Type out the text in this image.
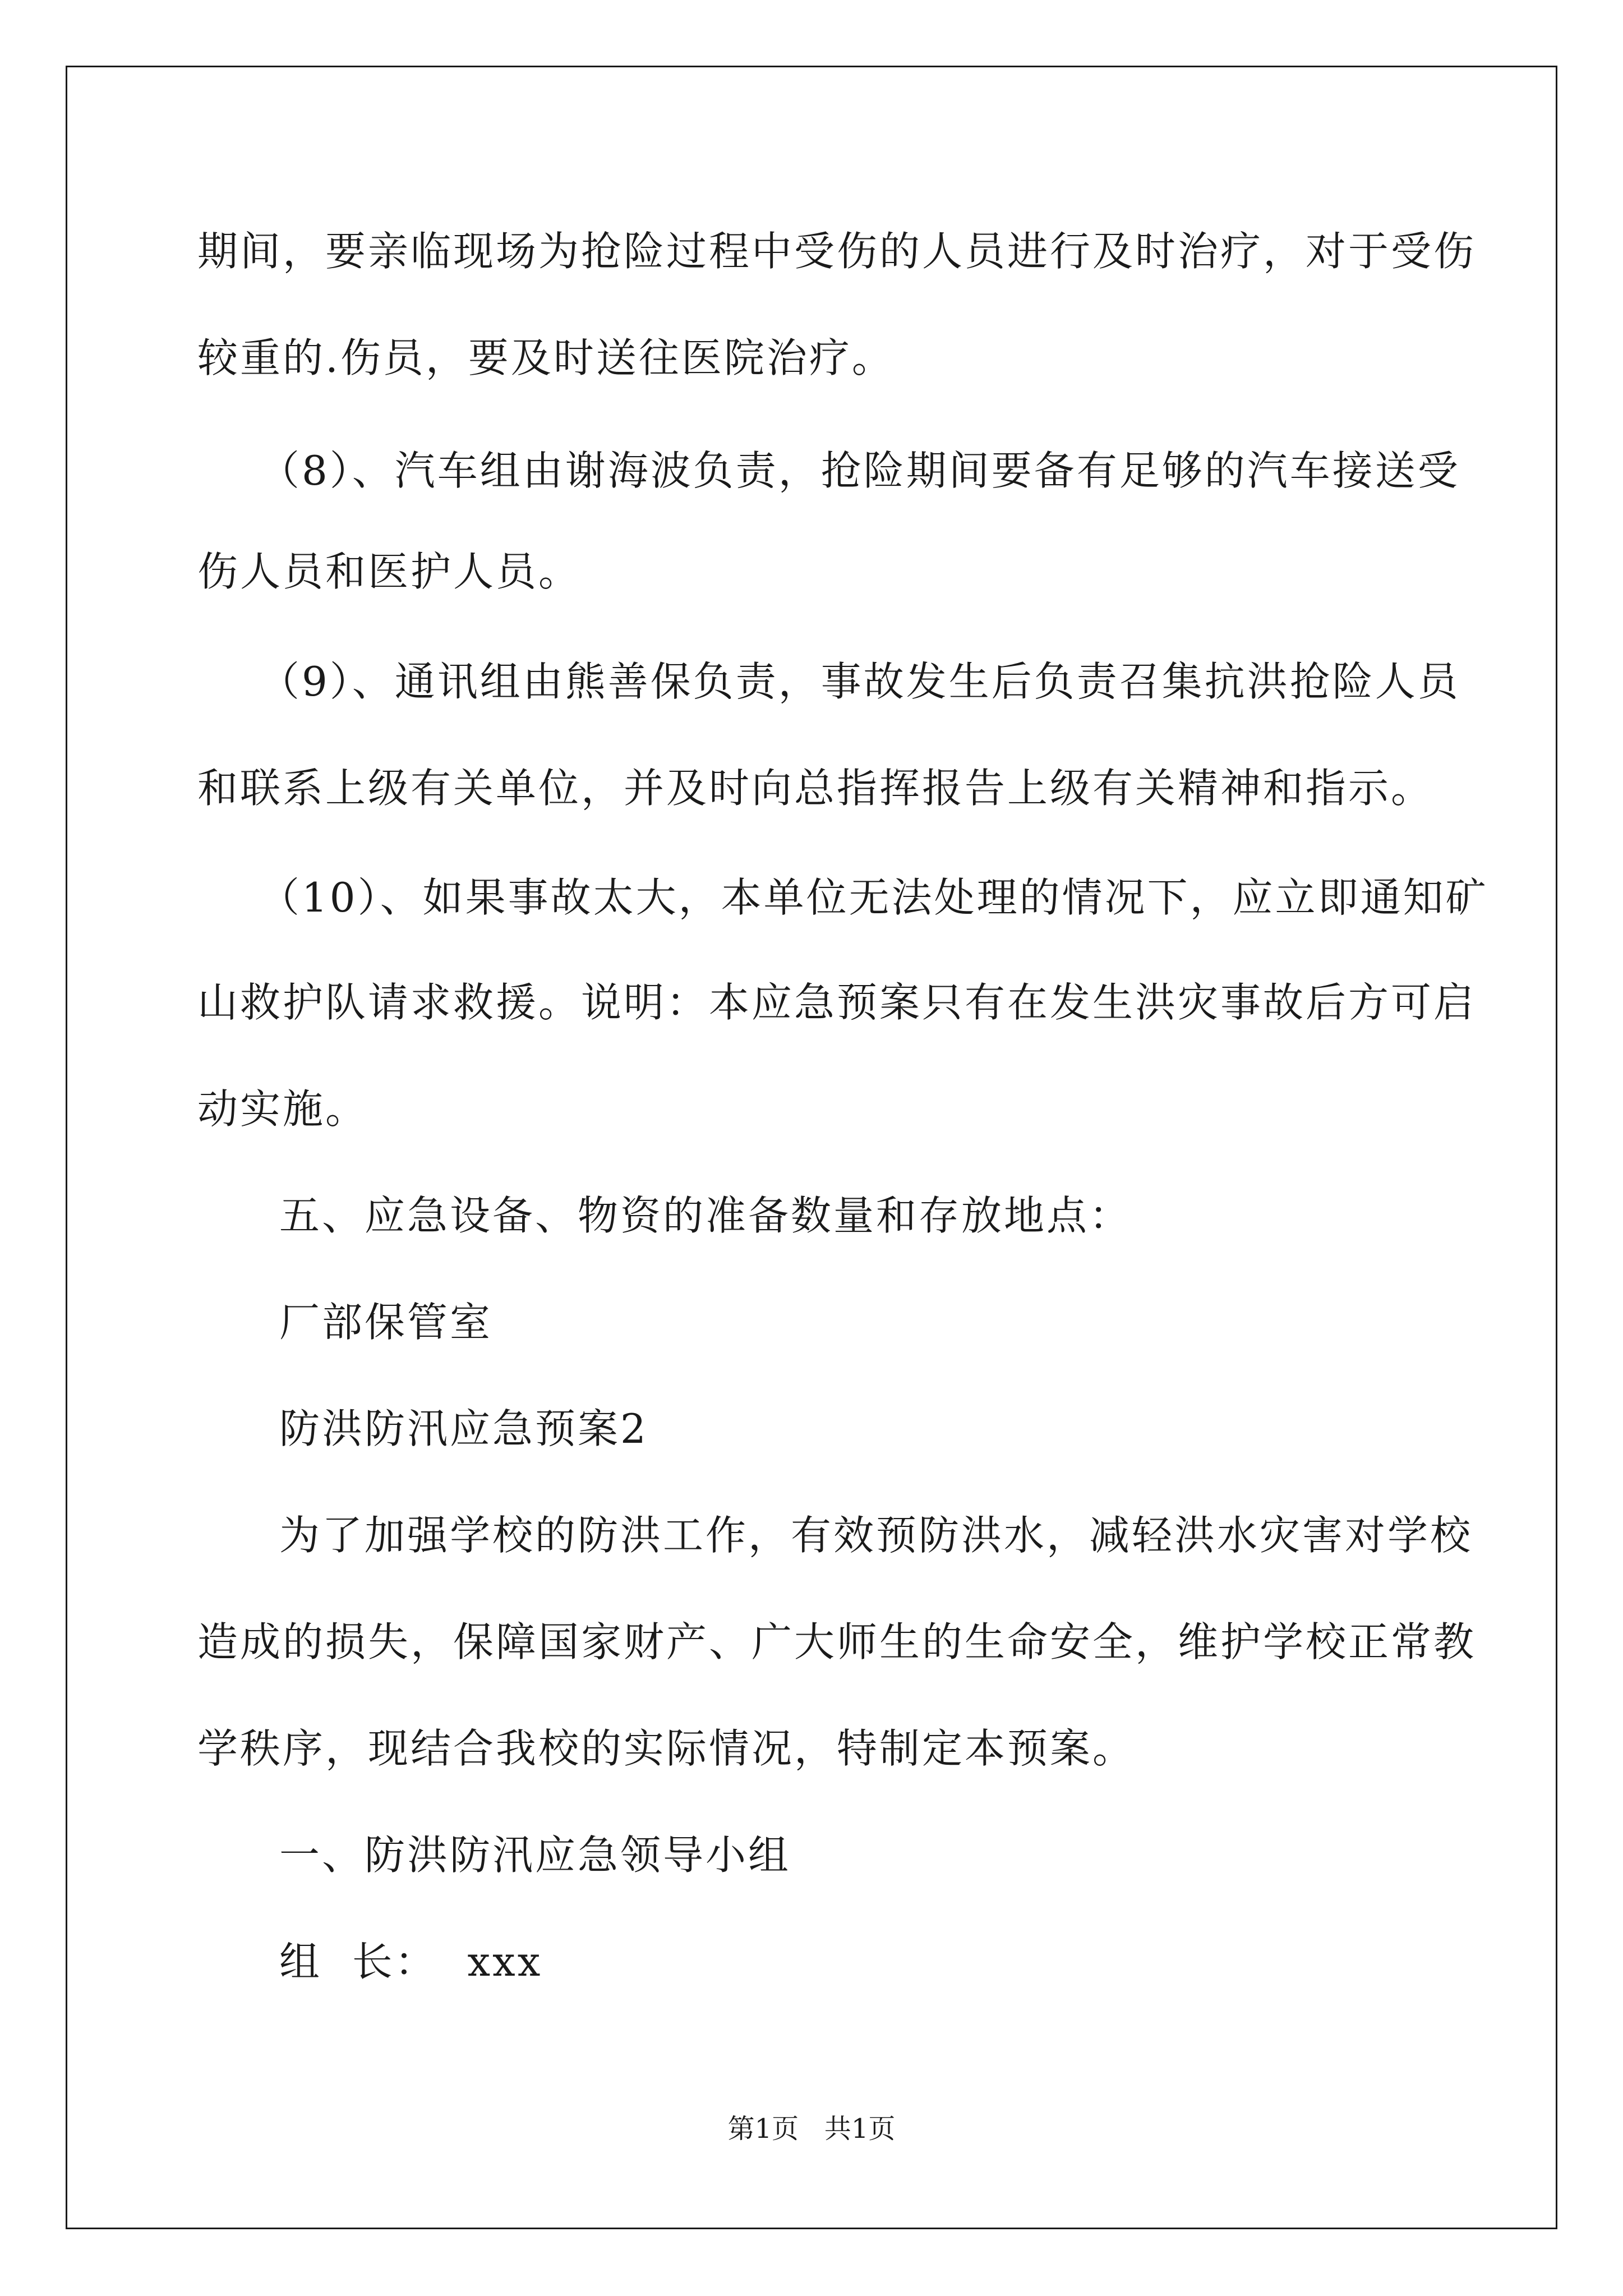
期间，要亲临现场为抢险过程中受伤的人员进行及时治疗，对于受伤
较重的.伤员，要及时送往医院治疗。
（8）、汽车组由谢海波负责，抢险期间要备有足够的汽车接送受
伤人员和医护人员。
（9）、通讯组由熊善保负责，事故发生后负责召集抗洪抢险人员
和联系上级有关单位，并及时向总指挥报告上级有关精神和指示。
（10）、如果事故太大，本单位无法处理的情况下，应立即通知矿
山救护队请求救援。说明：本应急预案只有在发生洪灾事故后方可启
动实施。
五、应急设备、物资的准备数量和存放地点：
厂部保管室
防洪防汛应急预案2
为了加强学校的防洪工作，有效预防洪水，减轻洪水灾害对学校
造成的损失，保障国家财产、广大师生的生命安全，维护学校正常教
学秩序，现结合我校的实际情况，特制定本预案。
一、防洪防汛应急领导小组
组  长：  xxx
第1页   共1页
